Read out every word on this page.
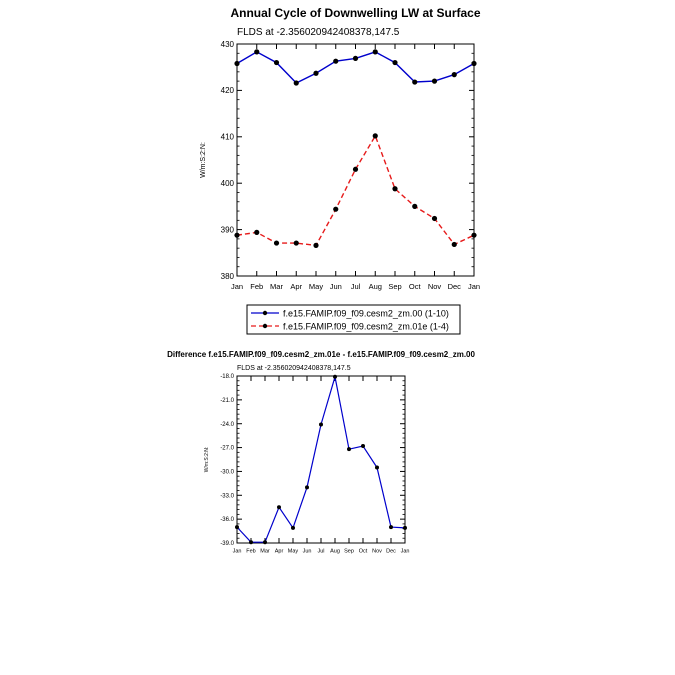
Annual Cycle of Downwelling LW at Surface
FLDS at -2.356020942408378,147.5
W/m:S:2:N:
380
390
400
410
420
430
Jan Feb Mar Apr May Jun Jul Aug Sep Oct Nov Dec Jan
f.e15.FAMIP.f09_f09.cesm2_zm.00 (1-10)
f.e15.FAMIP.f09_f09.cesm2_zm.01e (1-4)
Difference f.e15.FAMIP.f09_f09.cesm2_zm.01e - f.e15.FAMIP.f09_f09.cesm2_zm.00
FLDS at -2.356020942408378,147.5
W/m:S:2:N:
-39.0
-36.0
-33.0
-30.0
-27.0
-24.0
-21.0
-18.0
Jan Feb Mar Apr May Jun Jul Aug Sep Oct Nov Dec Jan
